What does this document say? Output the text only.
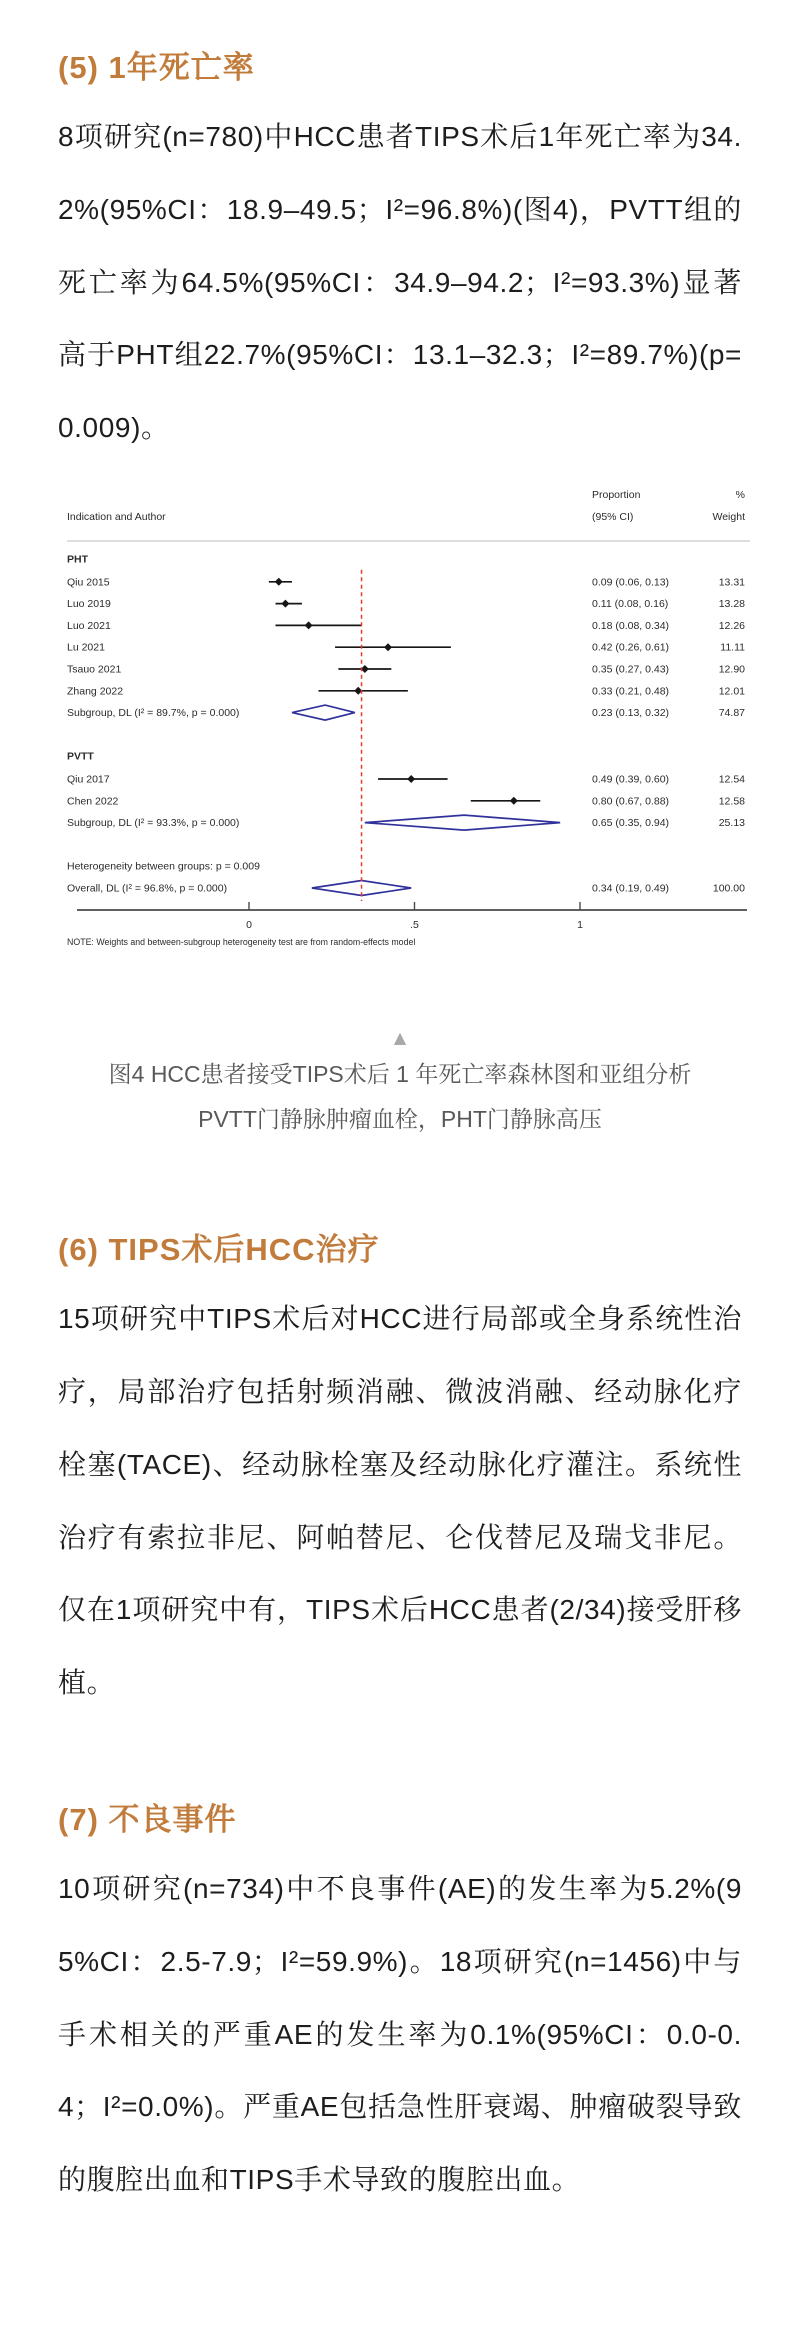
(5) 1年死亡率

8项研究(n=780)中HCC患者TIPS术后1年死亡率为34.2%(95%CI：18.9–49.5；I²=96.8%)(图4)，PVTT组的死亡率为64.5%(95%CI：34.9–94.2；I²=93.3%)显著高于PHT组22.7%(95%CI：13.1–32.3；I²=89.7%)(p=0.009)。

Proportion	%
(95% CI)	Weight
Indication and Author
PHT
Qiu 2015	0.09 (0.06, 0.13)	13.31
Luo 2019	0.11 (0.08, 0.16)	13.28
Luo 2021	0.18 (0.08, 0.34)	12.26
Lu 2021	0.42 (0.26, 0.61)	11.11
Tsauo 2021	0.35 (0.27, 0.43)	12.90
Zhang 2022	0.33 (0.21, 0.48)	12.01
Subgroup, DL (I² = 89.7%, p = 0.000)	0.23 (0.13, 0.32)	74.87
PVTT
Qiu 2017	0.49 (0.39, 0.60)	12.54
Chen 2022	0.80 (0.67, 0.88)	12.58
Subgroup, DL (I² = 93.3%, p = 0.000)	0.65 (0.35, 0.94)	25.13
Heterogeneity between groups: p = 0.009
Overall, DL (I² = 96.8%, p = 0.000)	0.34 (0.19, 0.49)	100.00
0	.5	1
NOTE: Weights and between-subgroup heterogeneity test are from random-effects model
▲
图4 HCC患者接受TIPS术后 1 年死亡率森林图和亚组分析
PVTT门静脉肿瘤血栓，PHT门静脉高压
(6) TIPS术后HCC治疗

15项研究中TIPS术后对HCC进行局部或全身系统性治疗，局部治疗包括射频消融、微波消融、经动脉化疗栓塞(TACE)、经动脉栓塞及经动脉化疗灌注。系统性治疗有索拉非尼、阿帕替尼、仑伐替尼及瑞戈非尼。仅在1项研究中有，TIPS术后HCC患者(2/34)接受肝移植。

(7) 不良事件

10项研究(n=734)中不良事件(AE)的发生率为5.2%(95%CI：2.5-7.9；I²=59.9%)。18项研究(n=1456)中与手术相关的严重AE的发生率为0.1%(95%CI：0.0-0.4；I²=0.0%)。严重AE包括急性肝衰竭、肿瘤破裂导致的腹腔出血和TIPS手术导致的腹腔出血。
